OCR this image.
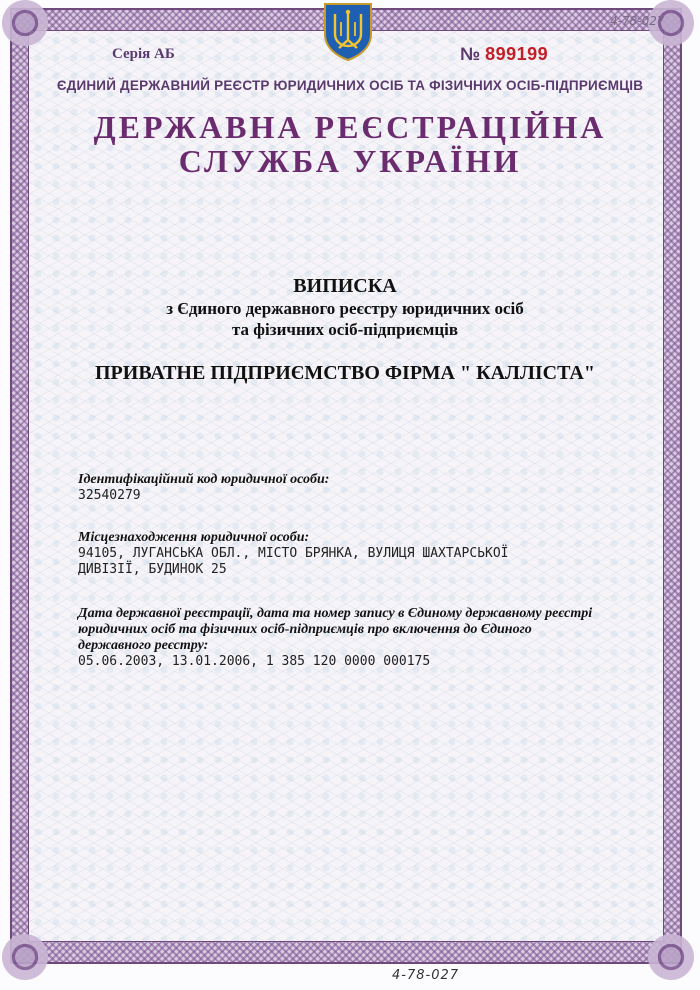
4-78-027
Серія АБ	№ 899199
ЄДИНИЙ ДЕРЖАВНИЙ РЕЄСТР ЮРИДИЧНИХ ОСІБ ТА ФІЗИЧНИХ ОСІБ-ПІДПРИЄМЦІВ
ДЕРЖАВНА РЕЄСТРАЦІЙНА
СЛУЖБА УКРАЇНИ
ВИПИСКА
з Єдиного державного реєстру юридичних осіб
та фізичних осіб-підприємців
ПРИВАТНЕ ПІДПРИЄМСТВО ФІРМА " КАЛЛІСТА"
Ідентифікаційний код юридичної особи:
32540279
Місцезнаходження юридичної особи:
94105, ЛУГАНСЬКА ОБЛ., МІСТО БРЯНКА, ВУЛИЦЯ ШАХТАРСЬКОЇ
ДИВІЗІЇ, БУДИНОК 25
Дата державної реєстрації, дата та номер запису в Єдиному державному реєстрі
юридичних осіб та фізичних осіб-підприємців про включення до Єдиного
державного реєстру:
05.06.2003, 13.01.2006, 1 385 120 0000 000175
4-78-027
